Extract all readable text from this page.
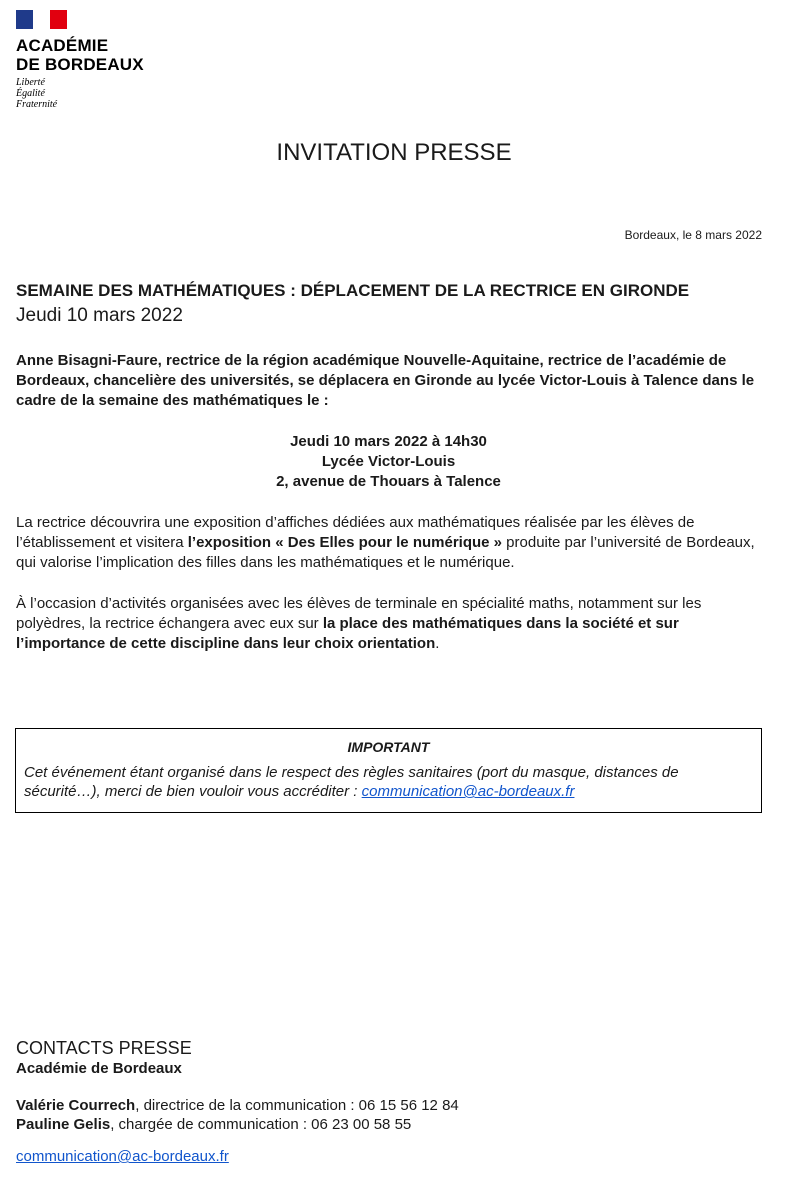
ACADÉMIE
DE BORDEAUX
Liberté
Égalité
Fraternité
INVITATION PRESSE
Bordeaux, le 8 mars 2022
SEMAINE DES MATHÉMATIQUES : DÉPLACEMENT DE LA RECTRICE EN GIRONDE
Jeudi 10 mars 2022
Anne Bisagni-Faure, rectrice de la région académique Nouvelle-Aquitaine, rectrice de l’académie de Bordeaux, chancelière des universités, se déplacera en Gironde au lycée Victor-Louis à Talence dans le cadre de la semaine des mathématiques le :
Jeudi 10 mars 2022 à 14h30
Lycée Victor-Louis
2, avenue de Thouars à Talence
La rectrice découvrira une exposition d’affiches dédiées aux mathématiques réalisée par les élèves de l’établissement et visitera l’exposition « Des Elles pour le numérique » produite par l’université de Bordeaux, qui valorise l’implication des filles dans les mathématiques et le numérique.
À l’occasion d’activités organisées avec les élèves de terminale en spécialité maths, notamment sur les polyèdres, la rectrice échangera avec eux sur la place des mathématiques dans la société et sur l’importance de cette discipline dans leur choix orientation.
IMPORTANT
Cet événement étant organisé dans le respect des règles sanitaires (port du masque, distances de sécurité…), merci de bien vouloir vous accréditer : communication@ac-bordeaux.fr
CONTACTS PRESSE
Académie de Bordeaux
Valérie Courrech, directrice de la communication : 06 15 56 12 84
Pauline Gelis, chargée de communication : 06 23 00 58 55
communication@ac-bordeaux.fr
